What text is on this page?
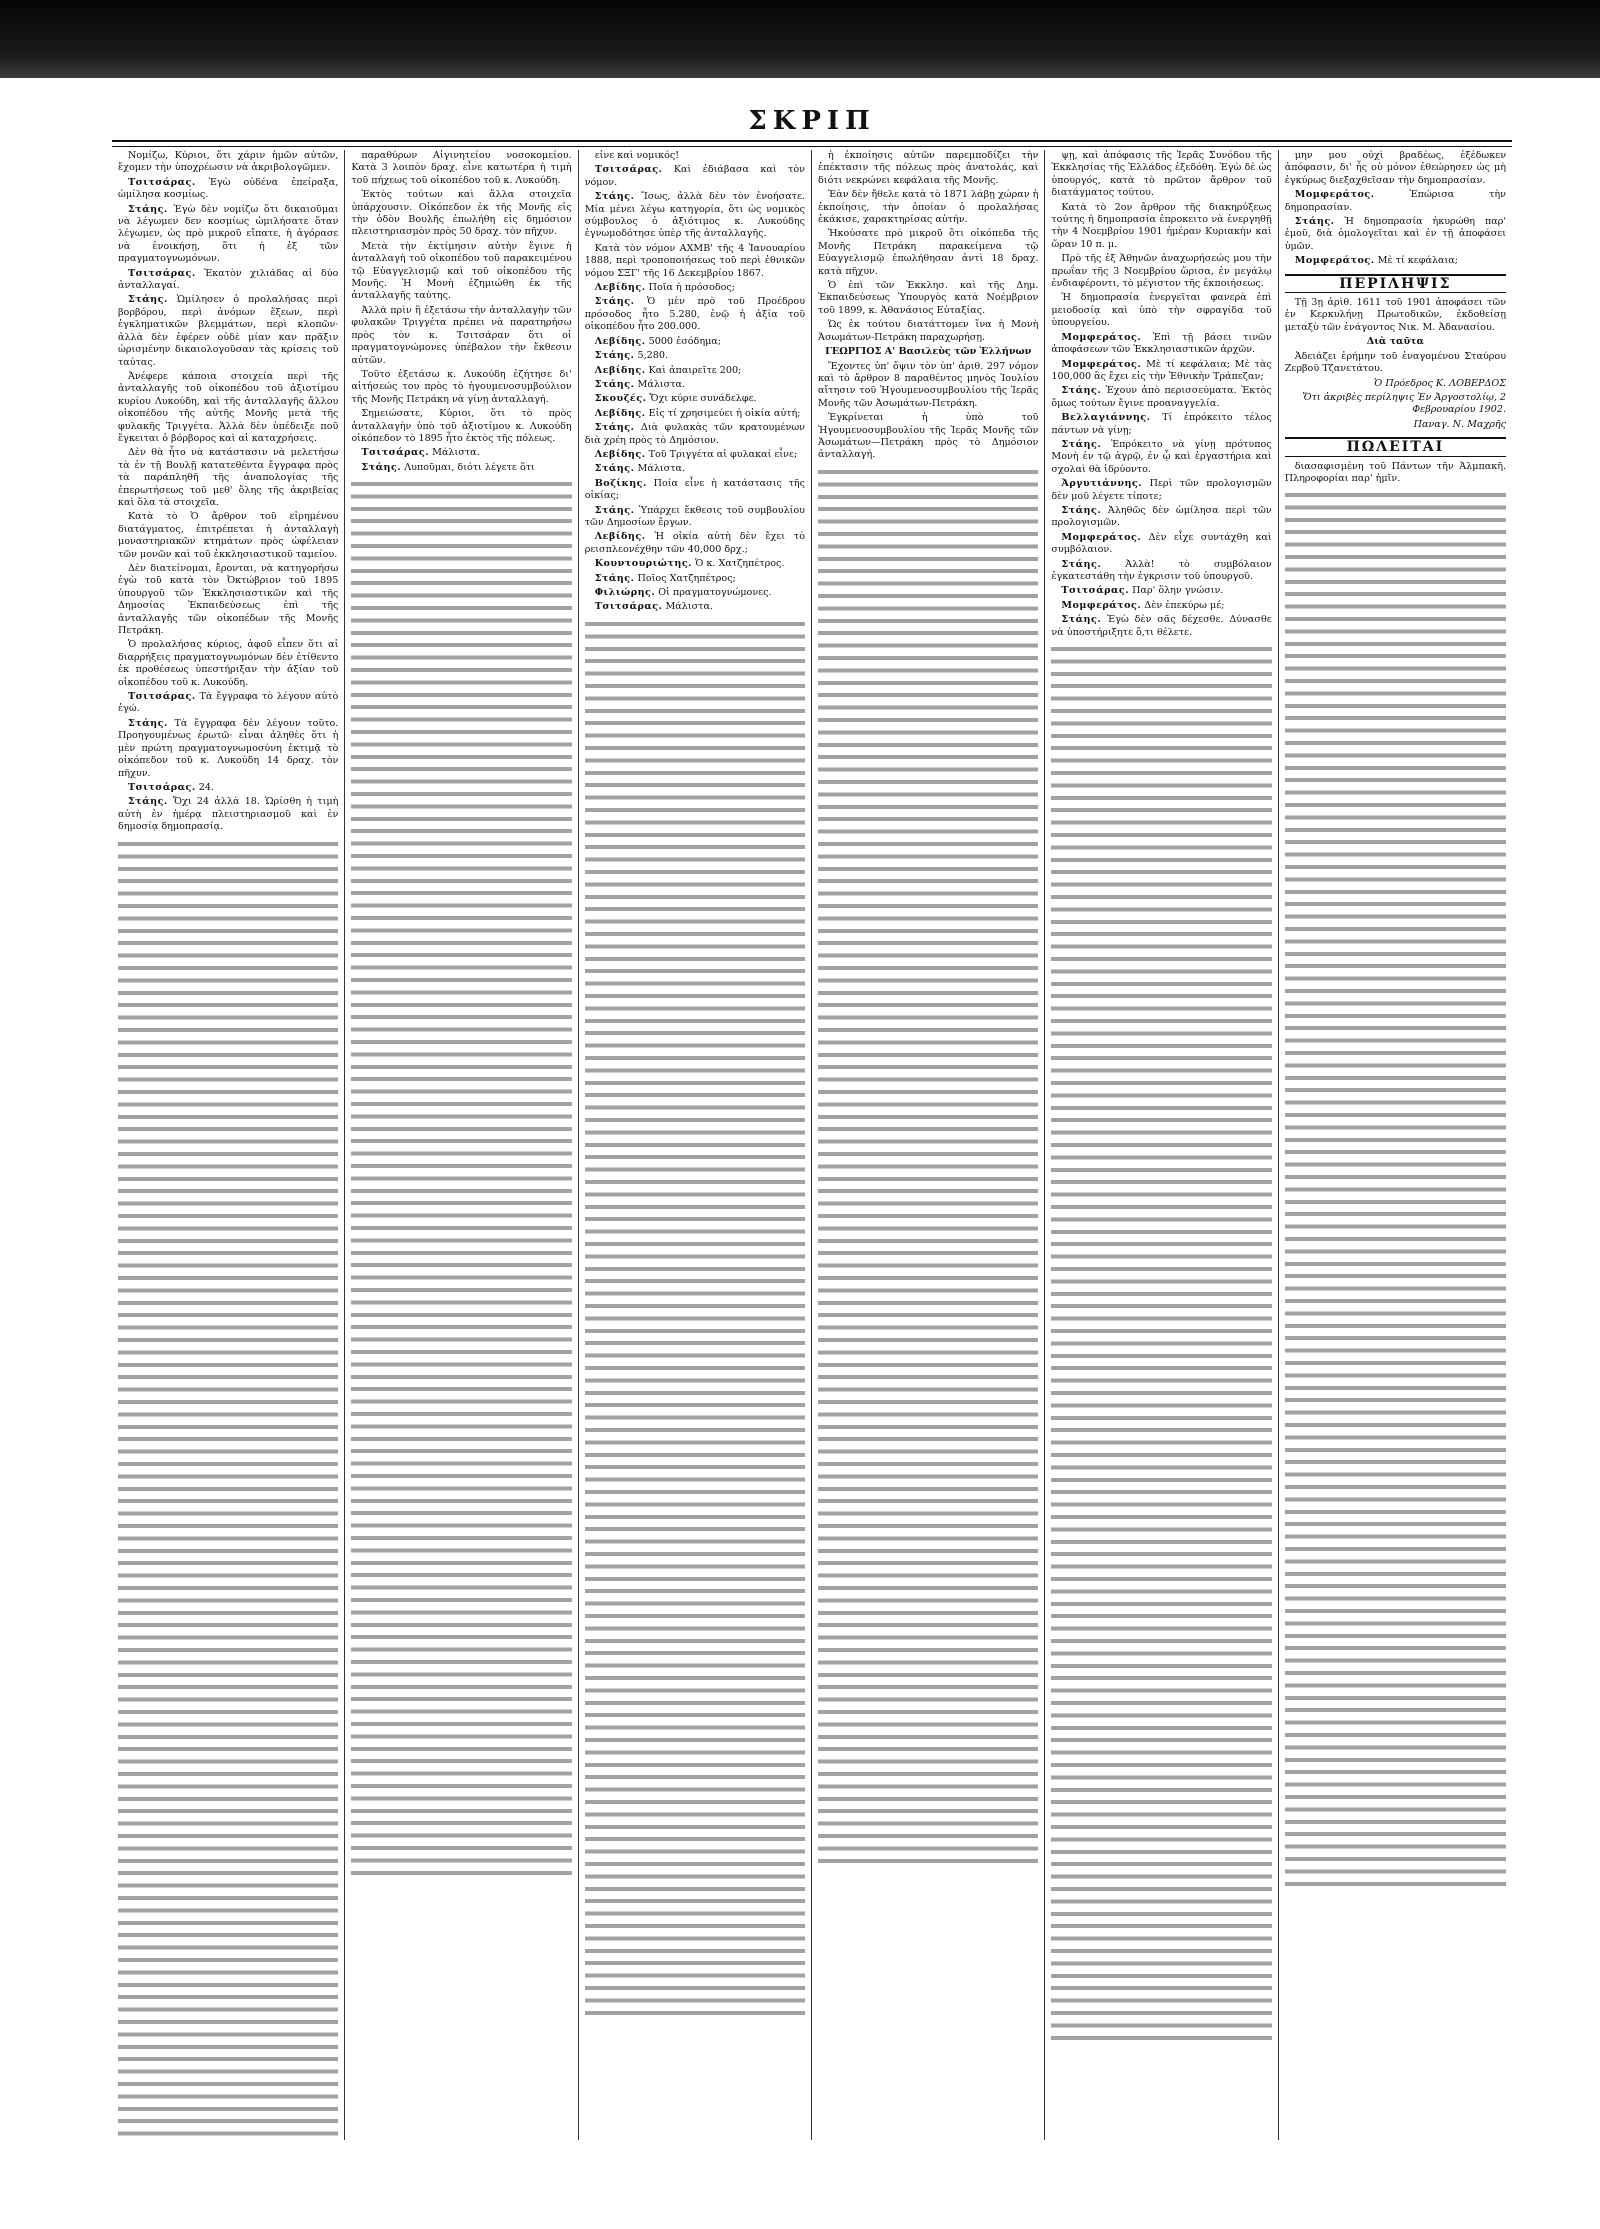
ΣΚΡΙΠ

Νομίζω, Κύριοι, ὅτι χάριν ἡμῶν αὐτῶν, ἔχομεν τὴν ὑποχρέωσιν νὰ ἀκριβολογῶμεν.

Τσιτσάρας. Ἐγὼ οὐδένα ἐπείραξα, ὡμίλησα κοσμίως.

Στάης. Ἐγὼ δὲν νομίζω ὅτι δικαιοῦμαι νὰ λέγωμεν δεν κοσμίως ὡμιλήσατε ὅταν λέγωμεν, ὡς πρὸ μικροῦ εἴπατε, ἡ ἀγόρασε νὰ ἐνοικήσῃ, ὅτι ἡ ἐξ τῶν πραγματογνωμόνων.

Τσιτσάρας. Ἑκατὸν χιλιάδας αἱ δύο ἀνταλλαγαί.

Στάης. Ὡμίλησεν ὁ προλαλήσας περὶ βορβόρου, περὶ ἀνόμων ἕξεων, περὶ ἐγκληματικῶν βλεμμάτων, περὶ κλοπῶν· ἀλλὰ δὲν ἐφέρεν οὐδὲ μίαν καν πρᾶξιν ὡρισμένην δικαιολογοῦσαν τὰς κρίσεις τοῦ ταύτας.

Ἀνέφερε κάποια στοιχεία περὶ τῆς ἀνταλλαγῆς τοῦ οἰκοπέδου τοῦ ἀξιοτίμου κυρίου Λυκούδη, καὶ τῆς ἀνταλλαγῆς ἄλλου οἰκοπέδου τῆς αὐτῆς Μονῆς μετὰ τῆς φυλακῆς Τριγγέτα. Ἀλλὰ δὲν ὑπέδειξε ποῦ ἔγκειται ὁ βόρβορος καὶ αἱ καταχρήσεις.

Δὲν θὰ ἦτο νὰ κατάστασιν νὰ μελετήσω τὰ ἐν τῇ Βουλῇ κατατεθέντα ἔγγραφα πρὸς τὰ παράπληθῆ τῆς ἀναπολογίας τῆς ἐπερωτήσεως τοῦ μεθ' ὅλης τῆς ἀκριβείας καὶ ὅλα τὰ στοιχεῖα.

Κατὰ τὸ Ὁ ἄρθρον τοῦ εἰρημένου διατάγματος, ἐπιτρέπεται ἡ ἀνταλλαγὴ μοναστηριακῶν κτημάτων πρὸς ὠφέλειαν τῶν μονῶν καὶ τοῦ ἐκκλησιαστικοῦ ταμείου.

Δὲν διατείνομαι, ἔρονται, νὰ κατηγορήσω ἐγὼ τοῦ κατὰ τὸν Ὀκτώβριον τοῦ 1895 ὑπουργοῦ τῶν Ἐκκλησιαστικῶν καὶ τῆς Δημοσίας Ἐκπαιδεύσεως ἐπὶ τῆς ἀνταλλαγῆς τῶν οἰκοπέδων τῆς Μονῆς Πετράκη.

Ὁ προλαλήσας κύριος, ἀφοῦ εἶπεν ὅτι αἱ διαρρήξεις πραγματογνωμόνων δὲν ἐτίθεντο ἐκ προθέσεως ὑπεστήριξαν τὴν ἀξίαν τοῦ οἰκοπέδου τοῦ κ. Λυκούδη.

Τσιτσάρας. Τὰ ἔγγραφα τὸ λέγουν αὐτὸ ἐγώ.

Στάης. Τὰ ἔγγραφα δὲν λέγουν τοῦτο. Προηγουμένως ἐρωτῶ· εἶναι ἀληθὲς ὅτι ἡ μὲν πρώτη πραγματογνωμοσύνη ἐκτιμᾷ τὸ οἰκόπεδον τοῦ κ. Λυκούδη 14 δραχ. τὸν πῆχυν.

Τσιτσάρας. 24.

Στάης. Ὄχι 24 ἀλλὰ 18. Ὡρίσθη ἡ τιμὴ αὐτὴ ἐν ἡμέρᾳ πλειστηριασμοῦ καὶ ἐν δημοσίᾳ δημοπρασίᾳ.

παραθύρων Αἰγινητείου νοσοκομείου. Κατὰ 3 λοιπὸν δραχ. εἶνε κατωτέρα ἡ τιμὴ τοῦ πήχεως τοῦ οἰκοπέδου τοῦ κ. Λυκούδη.

Ἐκτὸς τούτων καὶ ἄλλα στοιχεῖα ὑπάρχουσιν. Οἰκόπεδον ἐκ τῆς Μονῆς εἰς τὴν ὁδὸν Βουλῆς ἐπωλήθη εἰς δημόσιον πλειστηριασμὸν πρὸς 50 δραχ. τὸν πῆχυν.

Μετὰ τὴν ἐκτίμησιν αὐτὴν ἔγινε ἡ ἀνταλλαγὴ τοῦ οἰκοπέδου τοῦ παρακειμένου τῷ Εὐαγγελισμῷ καὶ τοῦ οἰκοπέδου τῆς Μονῆς. Ἡ Μονὴ ἐζημιώθη ἐκ τῆς ἀνταλλαγῆς ταύτης.

Ἀλλὰ πρὶν ἢ ἐξετάσω τὴν ἀνταλλαγὴν τῶν φυλακῶν Τριγγέτα πρέπει νὰ παρατηρήσω πρὸς τὸν κ. Τσιτσάραν ὅτι οἱ πραγματογνώμονες ὑπέβαλον τὴν ἔκθεσιν αὐτῶν.

Τοῦτο ἐξετάσω κ. Λυκούδη ἐζήτησε δι' αἰτήσεώς του πρὸς τὸ ἡγουμενοσυμβούλιον τῆς Μονῆς Πετράκη νὰ γίνῃ ἀνταλλαγή.

Σημειώσατε, Κύριοι, ὅτι τὸ πρὸς ἀνταλλαγὴν ὑπὸ τοῦ ἀξιοτίμου κ. Λυκούδη οἰκόπεδον τὸ 1895 ἦτο ἐκτὸς τῆς πόλεως.

Τσιτσάρας. Μάλιστα.

Στάης. Λυποῦμαι, διότι λέγετε ὅτι

εἶνε καὶ νομικός!

Τσιτσάρας. Καὶ ἐδιάβασα καὶ τὸν νόμον.

Στάης. Ἴσως, ἀλλὰ δὲν τὸν ἐνοήσατε. Μία μένει λέγω κατηγορία, ὅτι ὡς νομικὸς σύμβουλος ὁ ἀξιότιμος κ. Λυκούδης ἐγνωμοδότησε ὑπὲρ τῆς ἀνταλλαγῆς.

Κατὰ τὸν νόμον ΑΧΜΒ' τῆς 4 Ἰανουαρίου 1888, περὶ τροποποιήσεως τοῦ περὶ ἐθνικῶν νόμου ΣΞΓ' τῆς 16 Δεκεμβρίου 1867.

Λεβίδης. Ποῖα ἡ πρόσοδος;

Στάης. Ὁ μὲν πρὸ τοῦ Προέδρου πρόσοδος ἦτο 5.280, ἐνῷ ἡ ἀξία τοῦ οἰκοπέδου ἦτο 200.000.

Λεβίδης. 5000 ἐσόδημα;

Στάης. 5,280.

Λεβίδης. Καὶ ἀπαιρεῖτε 200;

Στάης. Μάλιστα.

Σκουζές. Ὄχι κύριε συνάδελφε.

Λεβίδης. Εἰς τί χρησιμεύει ἡ οἰκία αὐτή;

Στάης. Διὰ φυλακὰς τῶν κρατουμένων διὰ χρέη πρὸς τὸ Δημόσιον.

Λεβίδης. Τοῦ Τριγγέτα αἱ φυλακαί εἶνε;

Στάης. Μάλιστα.

Βοζίκης. Ποία εἶνε ἡ κατάστασις τῆς οἰκίας;

Στάης. Ὑπάρχει ἔκθεσις τοῦ συμβουλίου τῶν Δημοσίων ἔργων.

Λεβίδης. Ἡ οἰκία αὐτὴ δὲν ἔχει τὸ ρεισπλεονέχθην τῶν 40,000 δρχ.;

Κουντουριώτης. Ὁ κ. Χατζηπέτρος.

Στάης. Ποῖος Χατζηπέτρος;

Φιλιώρης. Οἱ πραγματογνώμονες.

Τσιτσάρας. Μάλιστα.

ἡ ἐκποίησις αὐτῶν παρεμποδίζει τὴν ἐπέκτασιν τῆς πόλεως πρὸς ἀνατολάς, καὶ διότι νεκρώνει κεφάλαια τῆς Μονῆς.

Ἐὰν δὲν ἤθελε κατὰ τὸ 1871 λάβῃ χώραν ἡ ἐκποίησις, τὴν ὁποίαν ὁ προλαλήσας ἐκάκισε, χαρακτηρίσας αὐτήν.

Ἡκούσατε πρὸ μικροῦ ὅτι οἰκόπεδα τῆς Μονῆς Πετράκη παρακείμενα τῷ Εὐαγγελισμῷ ἐπωλήθησαν ἀντὶ 18 δραχ. κατὰ πῆχυν.

Ὁ ἐπὶ τῶν Ἐκκλησ. καὶ τῆς Δημ. Ἐκπαιδεύσεως Ὑπουργὸς κατὰ Νοέμβριον τοῦ 1899, κ. Ἀθανάσιος Εὐταξίας.

Ὡς ἐκ τούτου διατάττομεν ἵνα ἡ Μονὴ Ἀσωμάτων-Πετράκη παραχωρήσῃ.

ΓΕΩΡΓΙΟΣ Α' Βασιλεὺς τῶν Ἑλλήνων

Ἔχοντες ὑπ' ὄψιν τὸν ὑπ' ἀριθ. 297 νόμον καὶ τὸ ἄρθρον 8 παραθέντος μηνὸς Ἰουλίου αἴτησιν τοῦ Ἡγουμενοσυμβουλίου τῆς Ἱερᾶς Μονῆς τῶν Ἀσωμάτων-Πετράκη.

Ἐγκρίνεται ἡ ὑπὸ τοῦ Ἡγουμενοσυμβουλίου τῆς Ἱερᾶς Μονῆς τῶν Ἀσωμάτων—Πετράκη πρὸς τὸ Δημόσιον ἀνταλλαγή.

ψῃ, καὶ ἀπόφασις τῆς Ἱερᾶς Συνόδου τῆς Ἐκκλησίας τῆς Ἑλλάδος ἐξεδόθη. Ἐγὼ δὲ ὡς ὑπουργός, κατὰ τὸ πρῶτον ἄρθρον τοῦ διατάγματος τούτου.

Κατὰ τὸ 2ον ἄρθρον τῆς διακηρύξεως τούτης ἡ δημοπρασία ἐπροκειτο νὰ ἐνεργηθῇ τὴν 4 Νοεμβρίου 1901 ἡμέραν Κυριακὴν καὶ ὥραν 10 π. μ.

Πρὸ τῆς ἐξ Ἀθηνῶν ἀναχωρήσεώς μου τὴν πρωΐαν τῆς 3 Νοεμβρίου ὥρισα, ἐν μεγάλῳ ἐνδιαφέροντι, τὸ μέγιστον τῆς ἐκποιήσεως.

Ἡ δημοπρασία ἐνεργεῖται φανερὰ ἐπὶ μειοδοσίᾳ καὶ ὑπὸ τὴν σφραγίδα τοῦ ὑπουργείου.

Μομφεράτος. Ἐπὶ τῇ βάσει τινῶν ἀποφάσεων τῶν Ἐκκλησιαστικῶν ἀρχῶν.

Μομφεράτος. Μὲ τί κεφάλαια; Μὲ τὰς 100,000 ἃς ἔχει εἰς τὴν Ἐθνικὴν Τράπεζαν;

Στάης. Ἐχουν ἀπὸ περισσεύματα. Ἐκτὸς ὅμως τούτων ἔγινε προαναγγελία.

Βελλαγιάννης. Τί ἐπρόκειτο τέλος πάντων νὰ γίνῃ;

Στάης. Ἐπρόκειτο νὰ γίνῃ πρότυπος Μονὴ ἐν τῷ ἀγρῷ, ἐν ᾧ καὶ ἐργαστήρια καὶ σχολαὶ θὰ ἱδρύοντο.

Ἀργυτιάννης. Περὶ τῶν προλογισμῶν δὲν μοῦ λέγετε τίποτε;

Στάης. Ἀληθῶς δὲν ὡμίλησα περὶ τῶν προλογισμῶν.

Μομφεράτος. Δὲν εἶχε συντάχθη καὶ συμβόλαιον.

Στάης.	Ἀλλὰ! τὸ συμβόλαιον ἐγκατεστάθη τὴν ἐγκρισιν τοῦ ὑπουργοῦ.

Τσιτσάρας. Παρ' ὅλην γνώσιν.

Μομφεράτος. Δὲν ἐπεκύρω μέ;

Στάης. Ἐγὼ δὲν σᾶς δέχεσθε. Δύνασθε νὰ ὑποστήριξητε ὅ,τι θέλετε.

μην μου οὐχὶ βραδέως, ἐξέδωκεν ἀπόφασιν, δι' ἧς οὐ μόνον ἐθεώρησεν ὡς μὴ ἐγκύρως διεξαχθεῖσαν τὴν δημοπρασίαν.

Μομφεράτος.	Ἐπώρισα τὴν δημοπρασίαν.

Στάης. Ἡ δημοπρασία ἠκυρώθη παρ' ἐμοῦ, διὰ ὁμολογεῖται καὶ ἐν τῇ ἀποφάσει ὑμῶν.

Μομφεράτος. Μὲ τί κεφάλαια;

ΠΕΡΙΛΗΨΙΣ

Τῇ 3ῃ ἀρὶθ. 1611 τοῦ 1901 ἀποφάσει τῶν ἐν Κερκυλήνῃ Πρωτοδικῶν, ἐκδοθείσῃ μεταξὺ τῶν ἐνάγοντος Νικ. Μ. Ἀδανασίου.

Διὰ ταῦτα

Ἀδειάζει ἐρήμην τοῦ ἐναγομένου Σταύρου Ζερβοῦ Τζανετάτου.

Ὁ Πρόεδρος Κ. ΛΟΒΕΡΔΟΣ

Ὅτι ἀκριβὲς περίληψις Ἐν Ἀργοστολίῳ, 2 Φεβρουαρίου 1902.

Παναγ. Ν. Μαχρῆς

ΠΩΛΕΙΤΑΙ

διασαφισμένη τοῦ Πάντων τῆν Ἀλμπακῆ. Πληροφορίαι παρ' ἡμῖν.
